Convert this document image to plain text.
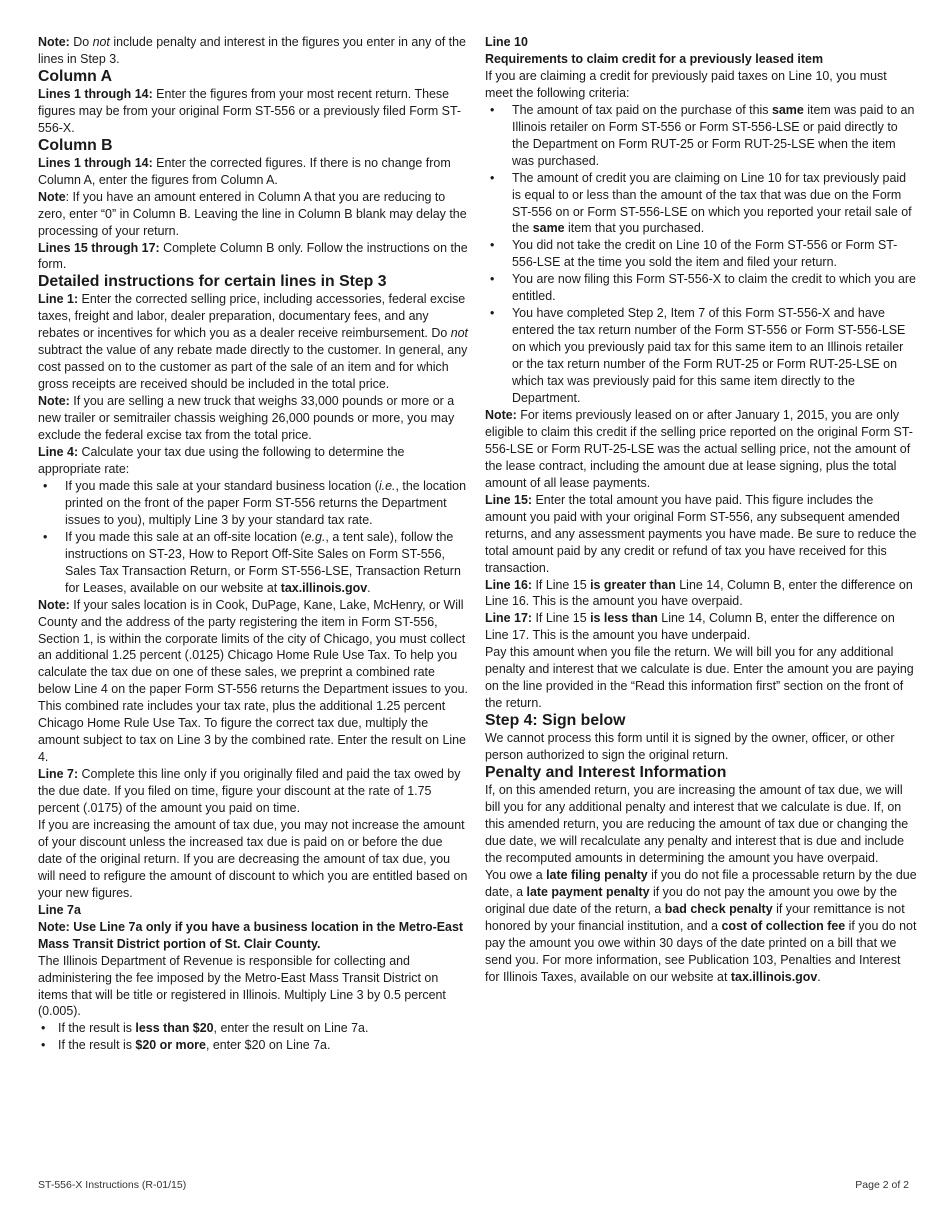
Note: Do not include penalty and interest in the figures you enter in any of the lines in Step 3.

Column A

Lines 1 through 14: Enter the figures from your most recent return. These figures may be from your original Form ST-556 or a previously filed Form ST-556-X.

Column B

Lines 1 through 14: Enter the corrected figures. If there is no change from Column A, enter the figures from Column A.

Note: If you have an amount entered in Column A that you are reducing to zero, enter “0” in Column B. Leaving the line in Column B blank may delay the processing of your return.

Lines 15 through 17: Complete Column B only. Follow the instructions on the form.

Detailed instructions for certain lines in Step 3

Line 1: Enter the corrected selling price, including accessories, federal excise taxes, freight and labor, dealer preparation, documentary fees, and any rebates or incentives for which you as a dealer receive reimbursement. Do not subtract the value of any rebate made directly to the customer. In general, any cost passed on to the customer as part of the sale of an item and for which gross receipts are received should be included in the total price.

Note: If you are selling a new truck that weighs 33,000 pounds or more or a new trailer or semitrailer chassis weighing 26,000 pounds or more, you may exclude the federal excise tax from the total price.

Line 4: Calculate your tax due using the following to determine the appropriate rate:

• If you made this sale at your standard business location (i.e., the location printed on the front of the paper Form ST-556 returns the Department issues to you), multiply Line 3 by your standard tax rate.
• If you made this sale at an off-site location (e.g., a tent sale), follow the instructions on ST-23, How to Report Off-Site Sales on Form ST-556, Sales Tax Transaction Return, or Form ST-556-LSE, Transaction Return for Leases, available on our website at tax.illinois.gov.

Note: If your sales location is in Cook, DuPage, Kane, Lake, McHenry, or Will County and the address of the party registering the item in Form ST-556, Section 1, is within the corporate limits of the city of Chicago, you must collect an additional 1.25 percent (.0125) Chicago Home Rule Use Tax. To help you calculate the tax due on one of these sales, we preprint a combined rate below Line 4 on the paper Form ST-556 returns the Department issues to you. This combined rate includes your tax rate, plus the additional 1.25 percent Chicago Home Rule Use Tax. To figure the correct tax due, multiply the amount subject to tax on Line 3 by the combined rate. Enter the result on Line 4.

Line 7: Complete this line only if you originally filed and paid the tax owed by the due date. If you filed on time, figure your discount at the rate of 1.75 percent (.0175) of the amount you paid on time.

If you are increasing the amount of tax due, you may not increase the amount of your discount unless the increased tax due is paid on or before the due date of the original return. If you are decreasing the amount of tax due, you will need to refigure the amount of discount to which you are entitled based on your new figures.

Line 7a

Note: Use Line 7a only if you have a business location in the Metro-East Mass Transit District portion of St. Clair County.

The Illinois Department of Revenue is responsible for collecting and administering the fee imposed by the Metro-East Mass Transit District on items that will be title or registered in Illinois. Multiply Line 3 by 0.5 percent (0.005).

• If the result is less than $20, enter the result on Line 7a.
• If the result is $20 or more, enter $20 on Line 7a.
Line 10
Requirements to claim credit for a previously leased item

If you are claiming a credit for previously paid taxes on Line 10, you must meet the following criteria:

• The amount of tax paid on the purchase of this same item was paid to an Illinois retailer on Form ST-556 or Form ST-556-LSE or paid directly to the Department on Form RUT-25 or Form RUT-25-LSE when the item was purchased.
• The amount of credit you are claiming on Line 10 for tax previously paid is equal to or less than the amount of the tax that was due on the Form ST-556 on or Form ST-556-LSE on which you reported your retail sale of the same item that you purchased.
• You did not take the credit on Line 10 of the Form ST-556 or Form ST-556-LSE at the time you sold the item and filed your return.
• You are now filing this Form ST-556-X to claim the credit to which you are entitled.
• You have completed Step 2, Item 7 of this Form ST-556-X and have entered the tax return number of the Form ST-556 or Form ST-556-LSE on which you previously paid tax for this same item to an Illinois retailer or the tax return number of the Form RUT-25 or Form RUT-25-LSE on which tax was previously paid for this same item directly to the Department.

Note: For items previously leased on or after January 1, 2015, you are only eligible to claim this credit if the selling price reported on the original Form ST-556-LSE or Form RUT-25-LSE was the actual selling price, not the amount of the lease contract, including the amount due at lease signing, plus the total amount of all lease payments.

Line 15: Enter the total amount you have paid. This figure includes the amount you paid with your original Form ST-556, any subsequent amended returns, and any assessment payments you have made. Be sure to reduce the total amount paid by any credit or refund of tax you have received for this transaction.

Line 16: If Line 15 is greater than Line 14, Column B, enter the difference on Line 16. This is the amount you have overpaid.

Line 17: If Line 15 is less than Line 14, Column B, enter the difference on Line 17. This is the amount you have underpaid.

Pay this amount when you file the return. We will bill you for any additional penalty and interest that we calculate is due. Enter the amount you are paying on the line provided in the “Read this information first” section on the front of the return.

Step 4: Sign below

We cannot process this form until it is signed by the owner, officer, or other person authorized to sign the original return.

Penalty and Interest Information

If, on this amended return, you are increasing the amount of tax due, we will bill you for any additional penalty and interest that we calculate is due. If, on this amended return, you are reducing the amount of tax due or changing the due date, we will recalculate any penalty and interest that is due and include the recomputed amounts in determining the amount you have overpaid.

You owe a late filing penalty if you do not file a processable return by the due date, a late payment penalty if you do not pay the amount you owe by the original due date of the return, a bad check penalty if your remittance is not honored by your financial institution, and a cost of collection fee if you do not pay the amount you owe within 30 days of the date printed on a bill that we send you. For more information, see Publication 103, Penalties and Interest for Illinois Taxes, available on our website at tax.illinois.gov.

ST-556-X Instructions (R-01/15)	Page 2 of 2
